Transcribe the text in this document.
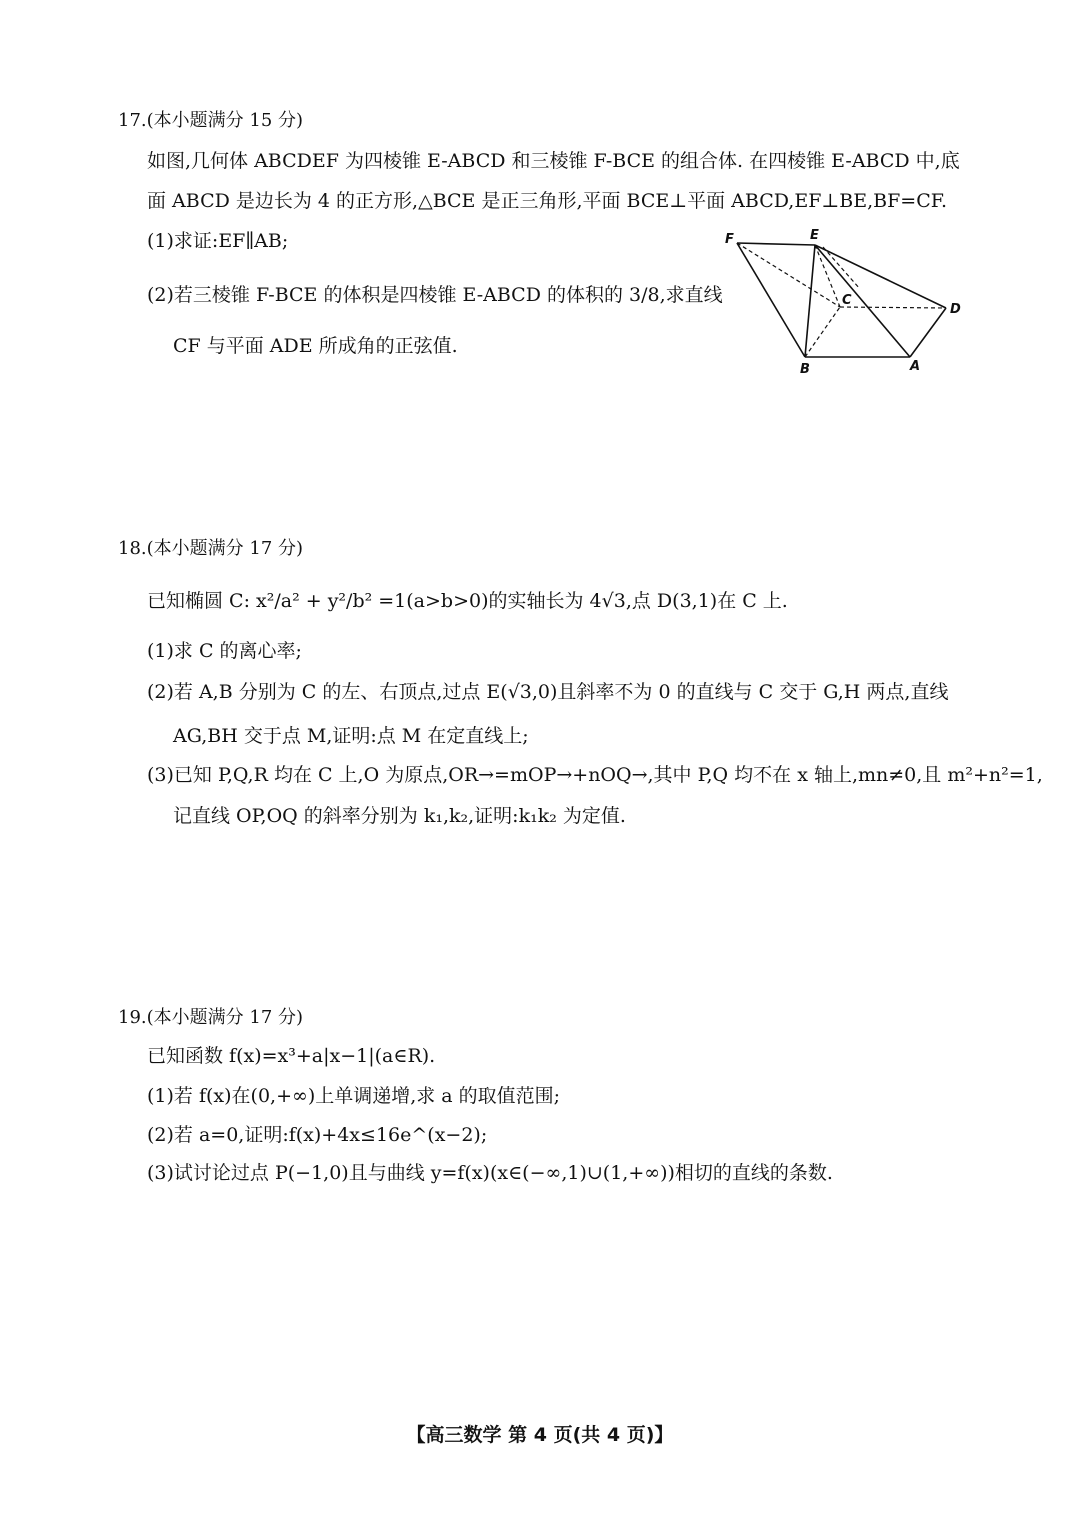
17.(本小题满分 15 分)
如图,几何体 ABCDEF 为四棱锥 E-ABCD 和三棱锥 F-BCE 的组合体. 在四棱锥 E-ABCD 中,底
面 ABCD 是边长为 4 的正方形,△BCE 是正三角形,平面 BCE⊥平面 ABCD,EF⊥BE,BF=CF.
(1)求证:EF∥AB;
(2)若三棱锥 F-BCE 的体积是四棱锥 E-ABCD 的体积的 3/8,求直线
CF 与平面 ADE 所成角的正弦值.
F	E
C
D
B	A
18.(本小题满分 17 分)
已知椭圆 C: x²/a² + y²/b² =1(a>b>0)的实轴长为 4√3,点 D(3,1)在 C 上.
(1)求 C 的离心率;
(2)若 A,B 分别为 C 的左、右顶点,过点 E(√3,0)且斜率不为 0 的直线与 C 交于 G,H 两点,直线
AG,BH 交于点 M,证明:点 M 在定直线上;
(3)已知 P,Q,R 均在 C 上,O 为原点,OR→=mOP→+nOQ→,其中 P,Q 均不在 x 轴上,mn≠0,且 m²+n²=1,
记直线 OP,OQ 的斜率分别为 k₁,k₂,证明:k₁k₂ 为定值.
19.(本小题满分 17 分)
已知函数 f(x)=x³+a|x−1|(a∈R).
(1)若 f(x)在(0,+∞)上单调递增,求 a 的取值范围;
(2)若 a=0,证明:f(x)+4x≤16e^(x−2);
(3)试讨论过点 P(−1,0)且与曲线 y=f(x)(x∈(−∞,1)∪(1,+∞))相切的直线的条数.
【高三数学 第 4 页(共 4 页)】
